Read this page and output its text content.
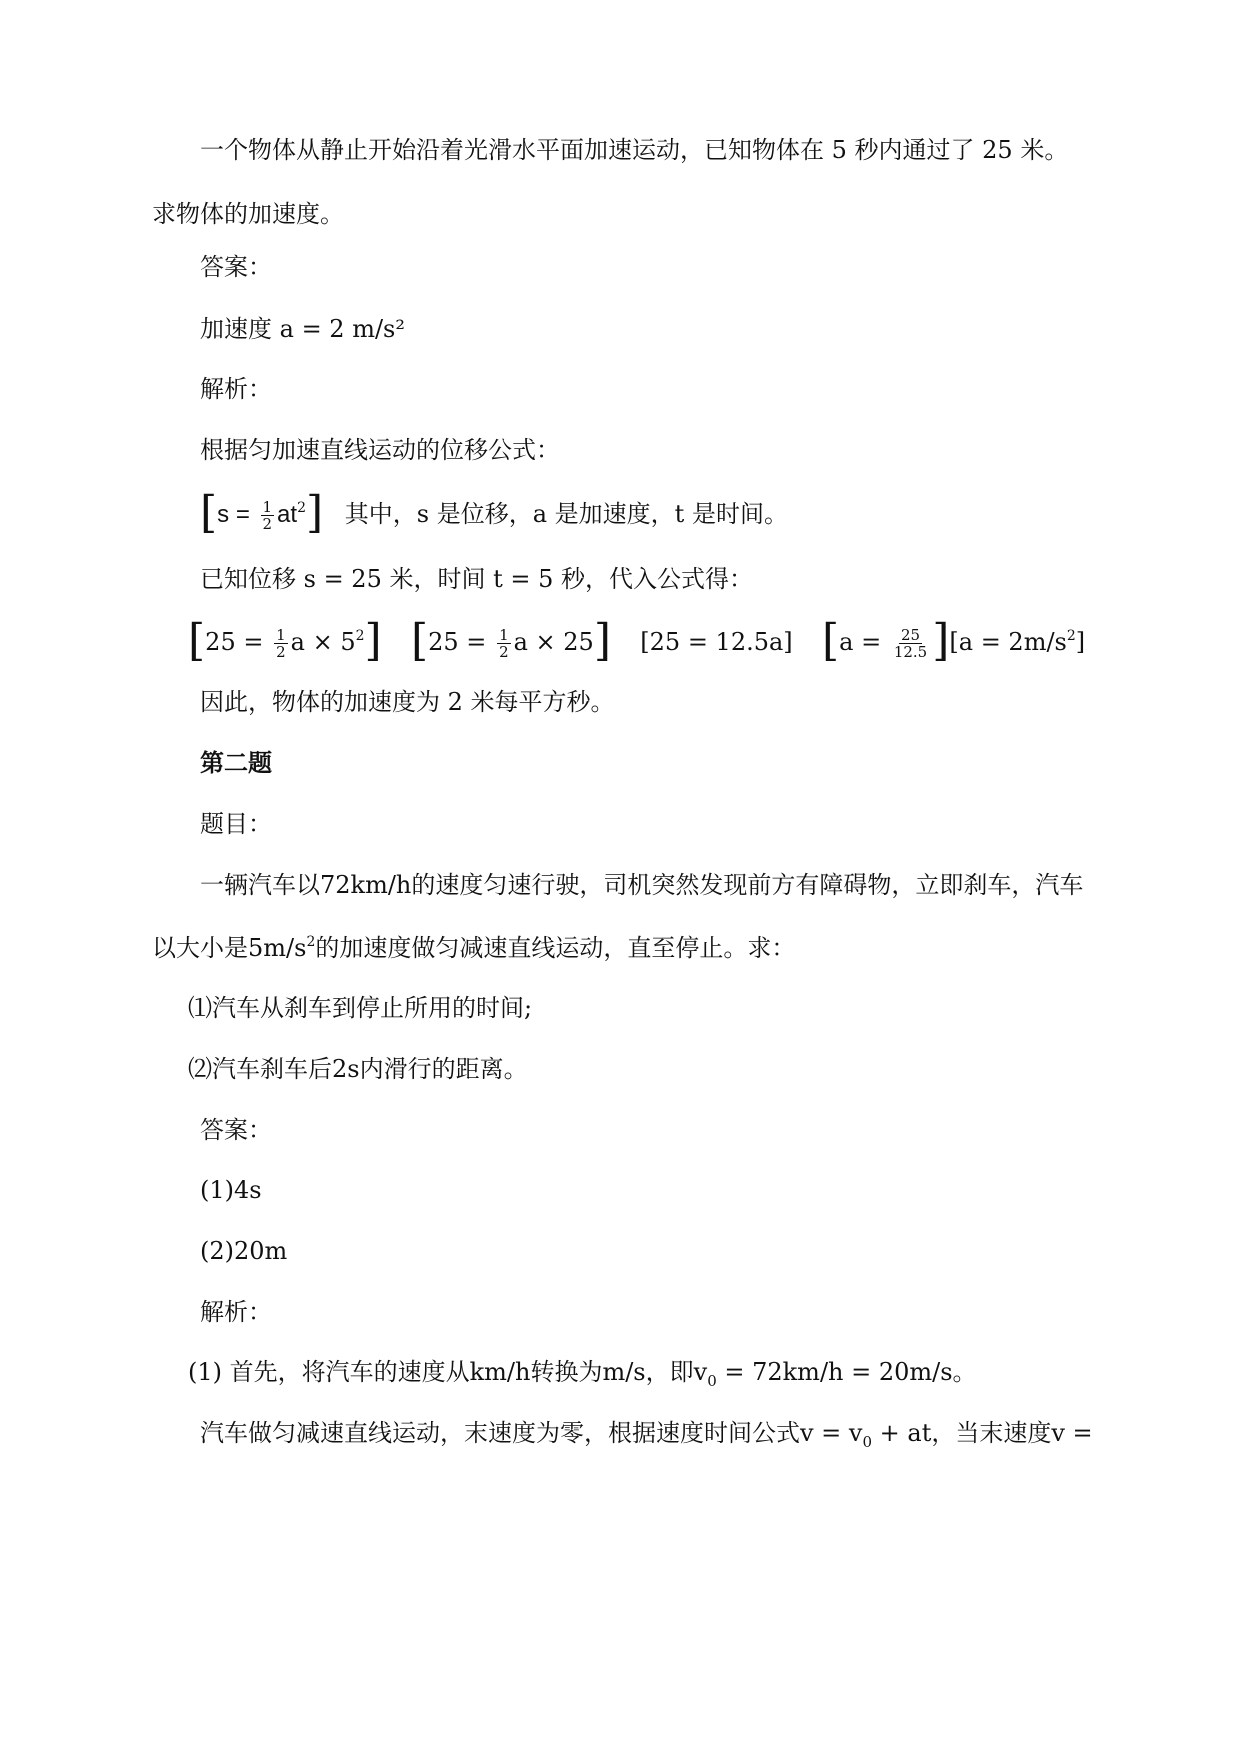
一个物体从静止开始沿着光滑水平面加速运动，已知物体在 5 秒内通过了 25 米。
求物体的加速度。
答案：
加速度 a = 2 m/s²
解析：
根据匀加速直线运动的位移公式：
$[s = \frac{1}{2} at^2]$ 其中，s 是位移，a 是加速度，t 是时间。
已知位移 s = 25 米，时间 t = 5 秒，代入公式得：
[$25 = \frac{1}{2}$ $a \times 5^2$] [$25 = \frac{1}{2}$ a × 25] [25 = 12.5a] $[a = \frac{25}{12.5} ][a = 2m/s^2]$
因此，物体的加速度为 2 米每平方秒。
第二题
题目：
一辆汽车以72km/h的速度匀速行驶，司机突然发现前方有障碍物，立即刹车，汽车
以大小是$5m/s^2$的加速度做匀减速直线运动，直至停止。求：
⑴汽车从刹车到停止所用的时间;
⑵汽车刹车后2s内滑行的距离。
答案：
(1)4s
(2)20m
解析：
(1) 首先，将汽车的速度从km/h转换为m/s，即$v_0 = 72km/h = 20m/s$。
汽车做匀减速直线运动，末速度为零，根据速度时间公式$v = v_0$ + at，当末速度v =
